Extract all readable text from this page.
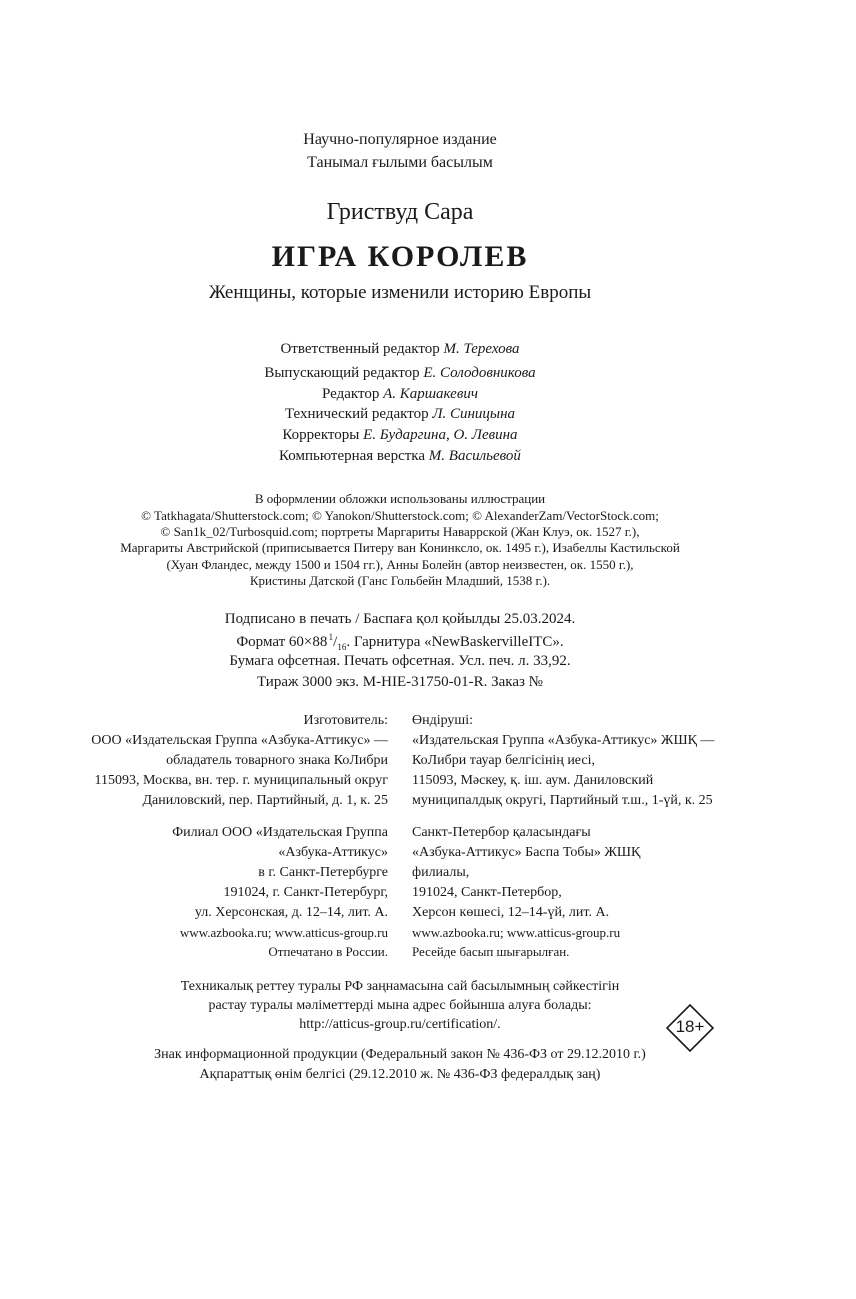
Научно-популярное издание
Танымал ғылыми басылым
Гриствуд Сара
ИГРА КОРОЛЕВ
Женщины, которые изменили историю Европы
Ответственный редактор М. Терехова
Выпускающий редактор Е. Солодовникова
Редактор А. Каршакевич
Технический редактор Л. Синицына
Корректоры Е. Бударгина, О. Левина
Компьютерная верстка М. Васильевой
В оформлении обложки использованы иллюстрации
© Tatkhagata/Shutterstock.com; © Yanokon/Shutterstock.com; © AlexanderZam/VectorStock.com;
© San1k_02/Turbosquid.com; портреты Маргариты Наваррской (Жан Клуэ, ок. 1527 г.),
Маргариты Австрийской (приписывается Питеру ван Конинксло, ок. 1495 г.), Изабеллы Кастильской
(Хуан Фландес, между 1500 и 1504 гг.), Анны Болейн (автор неизвестен, ок. 1550 г.),
Кристины Датской (Ганс Гольбейн Младший, 1538 г.).
Подписано в печать / Баспаға қол қойылды 25.03.2024.
Формат 60×88 $^1/_{16}$. Гарнитура «NewBaskervilleITC».
Бумага офсетная. Печать офсетная. Усл. печ. л. 33,92.
Тираж 3000 экз. M-HIE-31750-01-R. Заказ №
Изготовитель:
ООО «Издательская Группа «Азбука-Аттикус» —
обладатель товарного знака КоЛибри
115093, Москва, вн. тер. г. муниципальный округ
Даниловский, пер. Партийный, д. 1, к. 25
Өндіруші:
«Издательская Группа «Азбука-Аттикус» ЖШҚ —
КоЛибри тауар белгісінің иесі,
115093, Мәскеу, қ. іш. аум. Даниловский
муниципалдық округі, Партийный т.ш., 1-үй, к. 25
Филиал ООО «Издательская Группа
«Азбука-Аттикус»
в г. Санкт-Петербурге
191024, г. Санкт-Петербург,
ул. Херсонская, д. 12–14, лит. А.
Санкт-Петербор қаласындағы
«Азбука-Аттикус» Баспа Тобы» ЖШҚ
филиалы,
191024, Санкт-Петербор,
Херсон көшесі, 12–14-үй, лит. А.
www.azbooka.ru; www.atticus-group.ru
Отпечатано в России.
www.azbooka.ru; www.atticus-group.ru
Ресейде басып шығарылған.
Техникалық реттеу туралы РФ заңнамасына сай басылымның сәйкестігін
растау туралы мәліметтерді мына адрес бойынша алуға болады:
http://atticus-group.ru/certification/.	18+
Знак информационной продукции (Федеральный закон № 436-ФЗ от 29.12.2010 г.)
Ақпараттық өнім белгісі (29.12.2010 ж. № 436-ФЗ федералдық заң)
